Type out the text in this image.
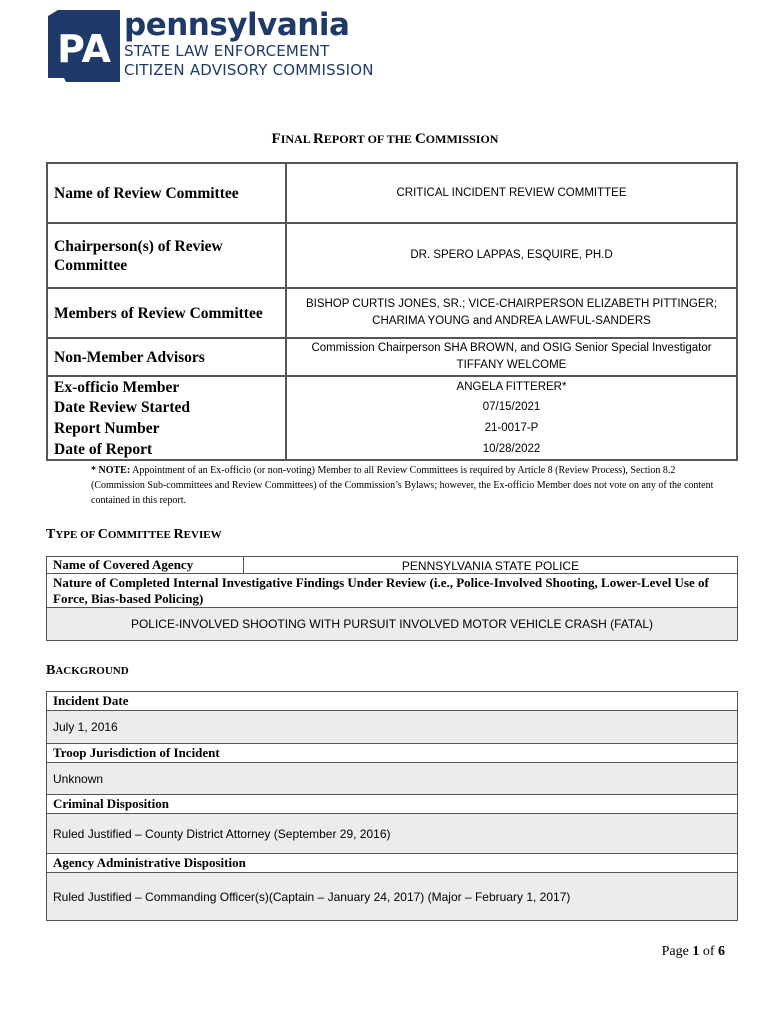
PA
pennsylvania
STATE LAW ENFORCEMENT
CITIZEN ADVISORY COMMISSION
FINAL REPORT OF THE COMMISSION
Name of Review Committee	CRITICAL INCIDENT REVIEW COMMITTEE
Chairperson(s) of Review Committee	DR. SPERO LAPPAS, ESQUIRE, PH.D
Members of Review Committee	BISHOP CURTIS JONES, SR.; VICE-CHAIRPERSON ELIZABETH PITTINGER;
CHARIMA YOUNG and ANDREA LAWFUL-SANDERS

Non-Member Advisors	Commission Chairperson SHA BROWN, and OSIG Senior Special Investigator
TIFFANY WELCOME

Ex-officio Member	ANGELA FITTERER*
Date Review Started	07/15/2021
Report Number	21-0017-P
Date of Report	10/28/2022
* NOTE: Appointment of an Ex-officio (or non-voting) Member to all Review Committees is required by Article 8 (Review Process), Section 8.2 (Commission Sub-committees and Review Committees) of the Commission’s Bylaws; however, the Ex-officio Member does not vote on any of the content contained in this report.
TYPE OF COMMITTEE REVIEW
Name of Covered Agency	PENNSYLVANIA STATE POLICE
Nature of Completed Internal Investigative Findings Under Review (i.e., Police-Involved Shooting, Lower-Level Use of Force, Bias-based Policing)
POLICE-INVOLVED SHOOTING WITH PURSUIT INVOLVED MOTOR VEHICLE CRASH (FATAL)
BACKGROUND
Incident Date
July 1, 2016
Troop Jurisdiction of Incident
Unknown
Criminal Disposition
Ruled Justified – County District Attorney (September 29, 2016)
Agency Administrative Disposition
Ruled Justified – Commanding Officer(s)(Captain – January 24, 2017) (Major – February 1, 2017)
Page 1 of 6
